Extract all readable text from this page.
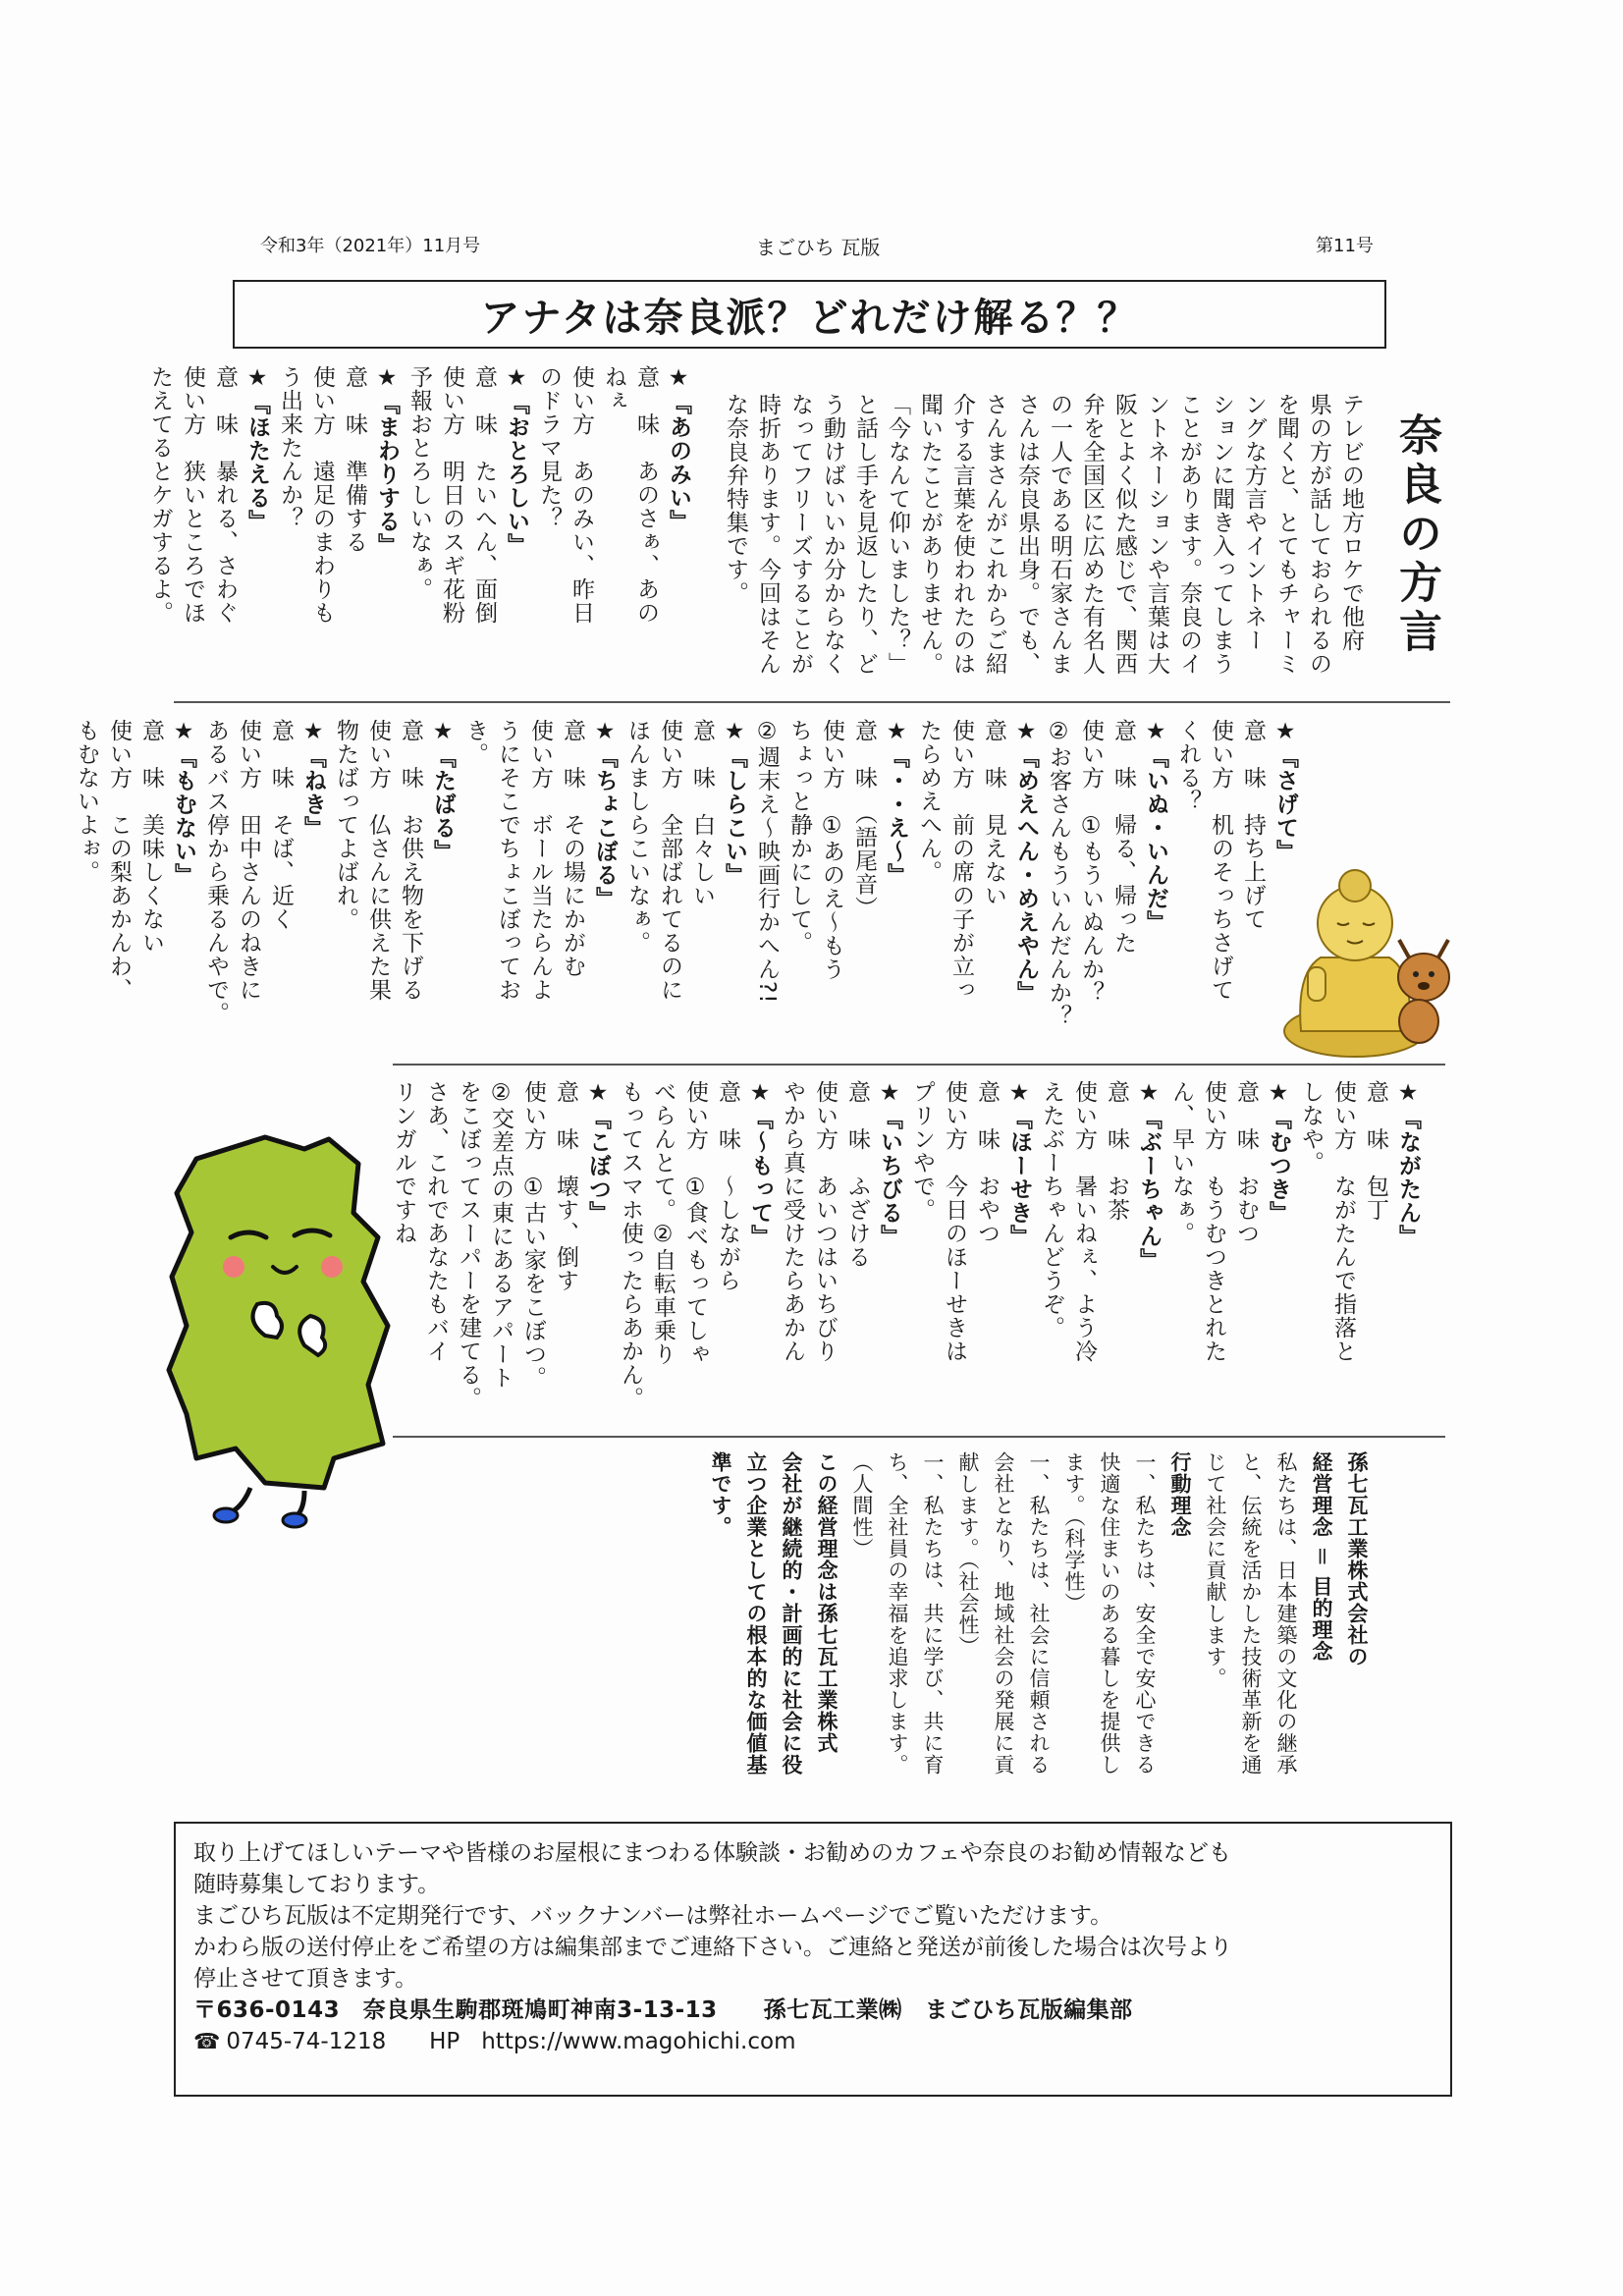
令和3年（2021年）11月号	まごひち 瓦版	第11号
アナタは奈良派？どれだけ解る？？
奈良の方言

テレビの地方ロケで他府

県の方が話しておられるの

を聞くと、とてもチャーミ

ングな方言やイントネー

ションに聞き入ってしまう

ことがあります。奈良のイ

ントネーションや言葉は大

阪とよく似た感じで、関西

弁を全国区に広めた有名人

の一人である明石家さんま

さんは奈良県出身。でも、

さんまさんがこれからご紹

介する言葉を使われたのは

聞いたことがありません。

「今なんて仰いました？」

と話し手を見返したり、ど

う動けばいいか分からなく

なってフリーズすることが

時折あります。今回はそん

な奈良弁特集です。

★『あのみい』

意　味　あのさぁ、あの

ねぇ

使い方　あのみい、昨日

のドラマ見た？

★『おとろしい』

意　味　たいへん、面倒

使い方　明日のスギ花粉

予報おとろしいなぁ。

★『まわりする』

意　味　準備する

使い方　遠足のまわりも

う出来たんか？

★『ほたえる』

意　味　暴れる、さわぐ

使い方　狭いところでほ

たえてるとケガするよ。

★『さげて』

意　味　持ち上げて

使い方　机のそっちさげて

くれる？

★『いぬ・いんだ』

意　味　帰る、帰った

使い方　①もういぬんか？

②お客さんもういんだんか？

★『めえへん・めえやん』

意　味　見えない

使い方　前の席の子が立っ

たらめえへん。

★『・・え～』

意　味　（語尾音）

使い方　①あのえ～もう

ちょっと静かにして。

②週末え～映画行かへん?!

★『しらこい』

意　味　白々しい

使い方　全部ばれてるのに

ほんましらこいなぁ。

★『ちょこぼる』

意　味　その場にかがむ

使い方　ボール当たらんよ

うにそこでちょこぼっておき。

★『たばる』

意　味　お供え物を下げる

使い方　仏さんに供えた果

物たばってよばれ。

★『ねき』

意　味　そば、近く

使い方　田中さんのねきに

あるバス停から乗るんやで。

★『もむない』

意　味　美味しくない

使い方　この梨あかんわ、

もむないよぉ。

★『ながたん』

意　味　包丁

使い方　ながたんで指落と

しなや。

★『むつき』

意　味　おむつ

使い方　もうむつきとれた

ん、早いなぁ。

★『ぶーちゃん』

意　味　お茶

使い方　暑いねぇ、よう冷

えたぶーちゃんどうぞ。

★『ほーせき』

意　味　おやつ

使い方　今日のほーせきは

プリンやで。

★『いちびる』

意　味　ふざける

使い方　あいつはいちびり

やから真に受けたらあかん

★『～もって』

意　味　～しながら

使い方　①食べもってしゃ

べらんとて。②自転車乗り

もってスマホ使ったらあかん。

★『こぼつ』

意　味　壊す、倒す

使い方　①古い家をこぼつ。

②交差点の東にあるアパート

をこぼってスーパーを建てる。

さあ、これであなたもバイ

リンガルですね

孫七瓦工業株式会社の

経営理念 ＝ 目的理念

私たちは、日本建築の文化の継承

と、伝統を活かした技術革新を通

じて社会に貢献します。

行動理念

一、私たちは、安全で安心できる

快適な住まいのある暮しを提供し

ます。（科学性）

一、私たちは、社会に信頼される

会社となり、地域社会の発展に貢

献します。（社会性）

一、私たちは、共に学び、共に育

ち、全社員の幸福を追求します。

（人間性）

この経営理念は孫七瓦工業株式

会社が継続的・計画的に社会に役

立つ企業としての根本的な価値基

準です。

取り上げてほしいテーマや皆様のお屋根にまつわる体験談・お勧めのカフェや奈良のお勧め情報なども

随時募集しております。

まごひち瓦版は不定期発行です、バックナンバーは弊社ホームページでご覧いただけます。

かわら版の送付停止をご希望の方は編集部までご連絡下さい。ご連絡と発送が前後した場合は次号より

停止させて頂きます。

〒636-0143　奈良県生駒郡斑鳩町神南3-13-13　　孫七瓦工業㈱　まごひち瓦版編集部

☎ 0745-74-1218 HP https://www.magohichi.com
